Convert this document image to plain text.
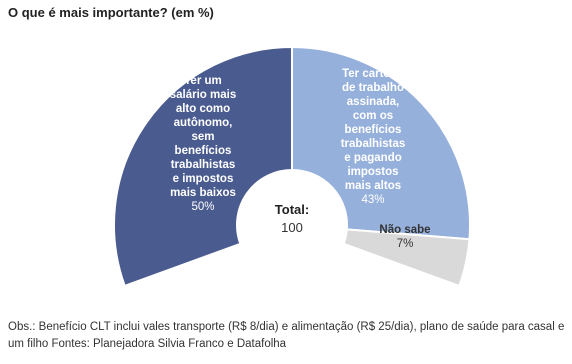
O que é mais importante? (em %)
Ter um salário mais alto como autônomo, sem benefícios trabalhistas e impostos mais baixos 50%
Ter carteira de trabalho assinada, com os benefícios trabalhistas e pagando impostos mais altos 43%
Não sabe 7%
Total:
100
Obs.: Benefício CLT inclui vales transporte (R$ 8/dia) e alimentação (R$ 25/dia), plano de saúde para casal e um filho Fontes: Planejadora Silvia Franco e Datafolha
